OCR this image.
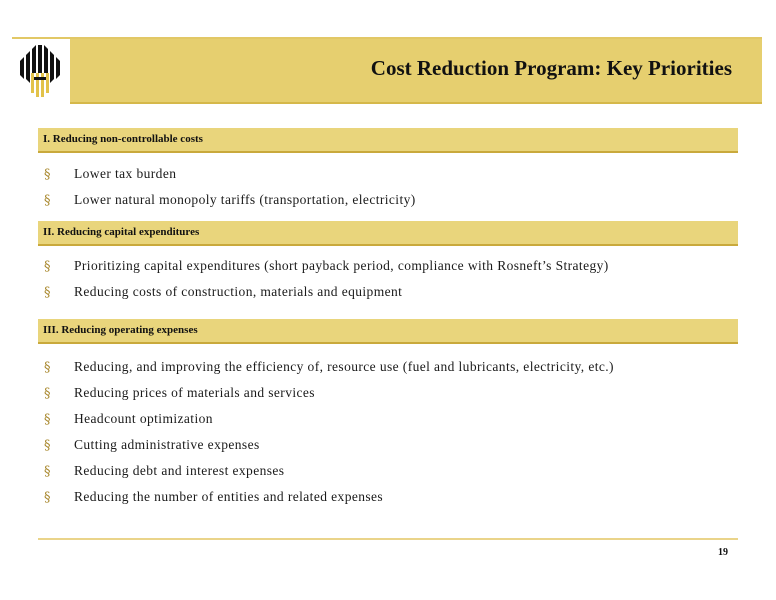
Cost Reduction Program: Key Priorities
I. Reducing non-controllable costs
§	Lower tax burden
§	Lower natural monopoly tariffs (transportation, electricity)
II. Reducing capital expenditures
§	Prioritizing capital expenditures (short payback period, compliance with Rosneft’s Strategy)
§	Reducing costs of construction, materials and equipment
III. Reducing operating expenses
§	Reducing, and improving the efficiency of, resource use (fuel and lubricants, electricity, etc.)
§	Reducing prices of materials and services
§	Headcount optimization
§	Cutting administrative expenses
§	Reducing debt and interest expenses
§	Reducing the number of entities and related expenses
19
